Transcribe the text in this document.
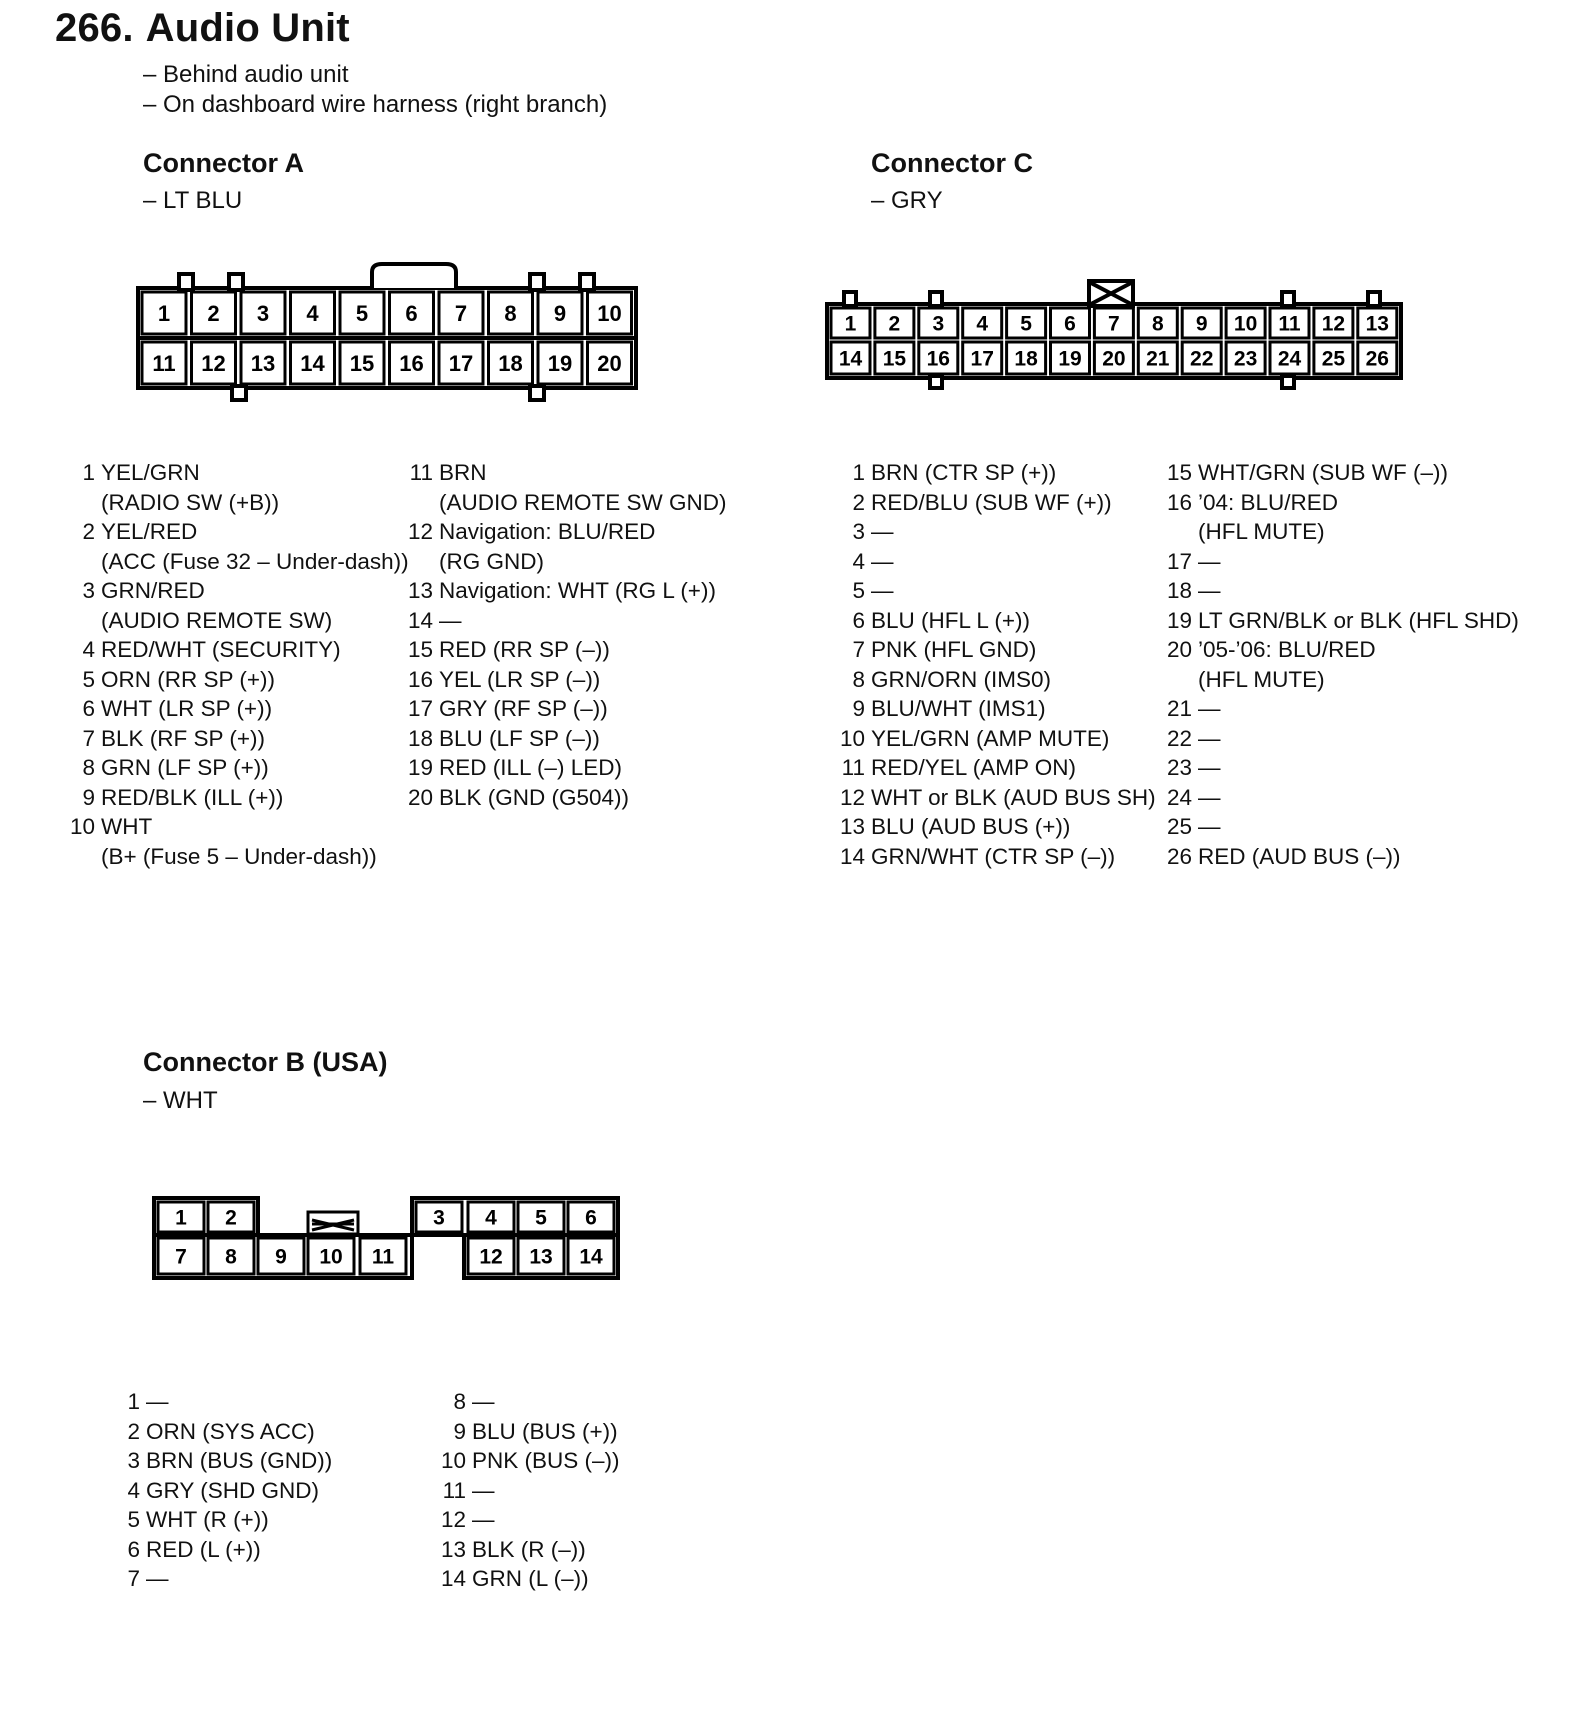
266. Audio Unit
– Behind audio unit
– On dashboard wire harness (right branch)
Connector A
– LT BLU
1
11
2
12
3
13
4
14
5
15
6
16
7
17
8
18
9
19
10
20
1 YEL/GRN
(RADIO SW (+B))
2 YEL/RED
(ACC (Fuse 32 – Under-dash))
3 GRN/RED
(AUDIO REMOTE SW)
4 RED/WHT (SECURITY)
5 ORN (RR SP (+))
6 WHT (LR SP (+))
7 BLK (RF SP (+))
8 GRN (LF SP (+))
9 RED/BLK (ILL (+))
10 WHT
(B+ (Fuse 5 – Under-dash))
11 BRN
(AUDIO REMOTE SW GND)
12 Navigation: BLU/RED
(RG GND)
13 Navigation: WHT (RG L (+))
14 —
15 RED (RR SP (–))
16 YEL (LR SP (–))
17 GRY (RF SP (–))
18 BLU (LF SP (–))
19 RED (ILL (–) LED)
20 BLK (GND (G504))
Connector C
– GRY
1
14
2
15
3
16
4
17
5
18
6
19
7
20
8
21
9
22
10
23
11
24
12
25
13
26
1 BRN (CTR SP (+))
2 RED/BLU (SUB WF (+))
3 —
4 —
5 —
6 BLU (HFL L (+))
7 PNK (HFL GND)
8 GRN/ORN (IMS0)
9 BLU/WHT (IMS1)
10 YEL/GRN (AMP MUTE)
11 RED/YEL (AMP ON)
12 WHT or BLK (AUD BUS SH)
13 BLU (AUD BUS (+))
14 GRN/WHT (CTR SP (–))
15 WHT/GRN (SUB WF (–))
16 ’04: BLU/RED
(HFL MUTE)
17 —
18 —
19 LT GRN/BLK or BLK (HFL SHD)
20 ’05-’06: BLU/RED
(HFL MUTE)
21 —
22 —
23 —
24 —
25 —
26 RED (AUD BUS (–))
Connector B (USA)
– WHT
1 2	3 4 5 6
7 8 9 10 11	12 13 14
1 —
2 ORN (SYS ACC)
3 BRN (BUS (GND))
4 GRY (SHD GND)
5 WHT (R (+))
6 RED (L (+))
7 —
8 —
9 BLU (BUS (+))
10 PNK (BUS (–))
11 —
12 —
13 BLK (R (–))
14 GRN (L (–))
